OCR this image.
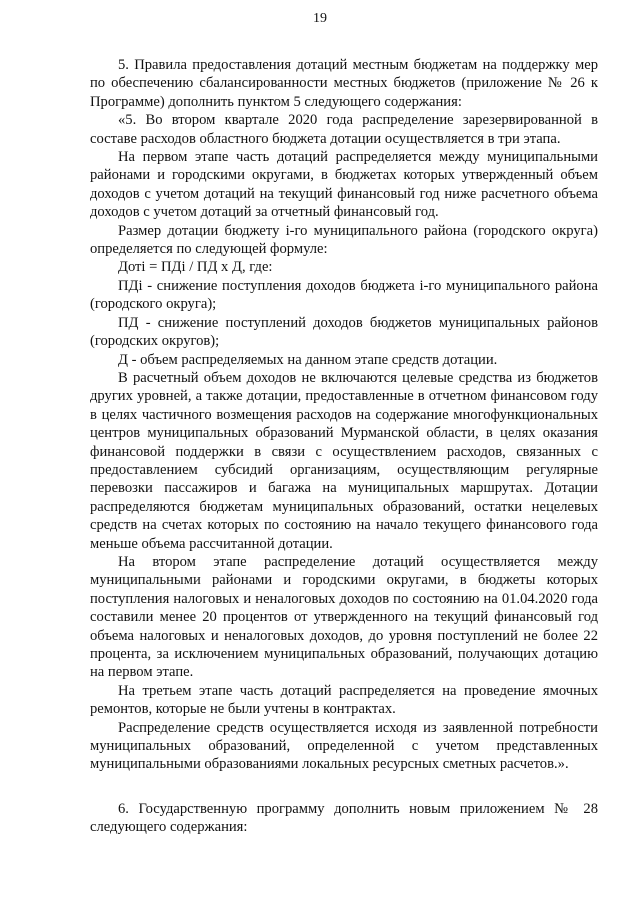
19

5. Правила предоставления дотаций местным бюджетам на поддержку мер по обеспечению сбалансированности местных бюджетов (приложение № 26 к Программе) дополнить пунктом 5 следующего содержания:

«5. Во втором квартале 2020 года распределение зарезервированной в составе расходов областного бюджета дотации осуществляется в три этапа.

На первом этапе часть дотаций распределяется между муниципальными районами и городскими округами, в бюджетах которых утвержденный объем доходов с учетом дотаций на текущий финансовый год ниже расчетного объема доходов с учетом дотаций за отчетный финансовый год.

Размер дотации бюджету i-го муниципального района (городского округа) определяется по следующей формуле:

Дотi = ПДi / ПД x Д, где:

ПДi - снижение поступления доходов бюджета i-го муниципального района (городского округа);

ПД - снижение поступлений доходов бюджетов муниципальных районов (городских округов);

Д - объем распределяемых на данном этапе средств дотации.

В расчетный объем доходов не включаются целевые средства из бюджетов других уровней, а также дотации, предоставленные в отчетном финансовом году в целях частичного возмещения расходов на содержание многофункциональных центров муниципальных образований Мурманской области, в целях оказания финансовой поддержки в связи с осуществлением расходов, связанных с предоставлением субсидий организациям, осуществляющим регулярные перевозки пассажиров и багажа на муниципальных маршрутах. Дотации распределяются бюджетам муниципальных образований, остатки нецелевых средств на счетах которых по состоянию на начало текущего финансового года меньше объема рассчитанной дотации.

На втором этапе распределение дотаций осуществляется между муниципальными районами и городскими округами, в бюджеты которых поступления налоговых и неналоговых доходов по состоянию на 01.04.2020 года составили менее 20 процентов от утвержденного на текущий финансовый год объема налоговых и неналоговых доходов, до уровня поступлений не более 22 процента, за исключением муниципальных образований, получающих дотацию на первом этапе.

На третьем этапе часть дотаций распределяется на проведение ямочных ремонтов, которые не были учтены в контрактах.

Распределение средств осуществляется исходя из заявленной потребности муниципальных образований, определенной с учетом представленных муниципальными образованиями локальных ресурсных сметных расчетов.».

6. Государственную программу дополнить новым приложением № 28 следующего содержания:
